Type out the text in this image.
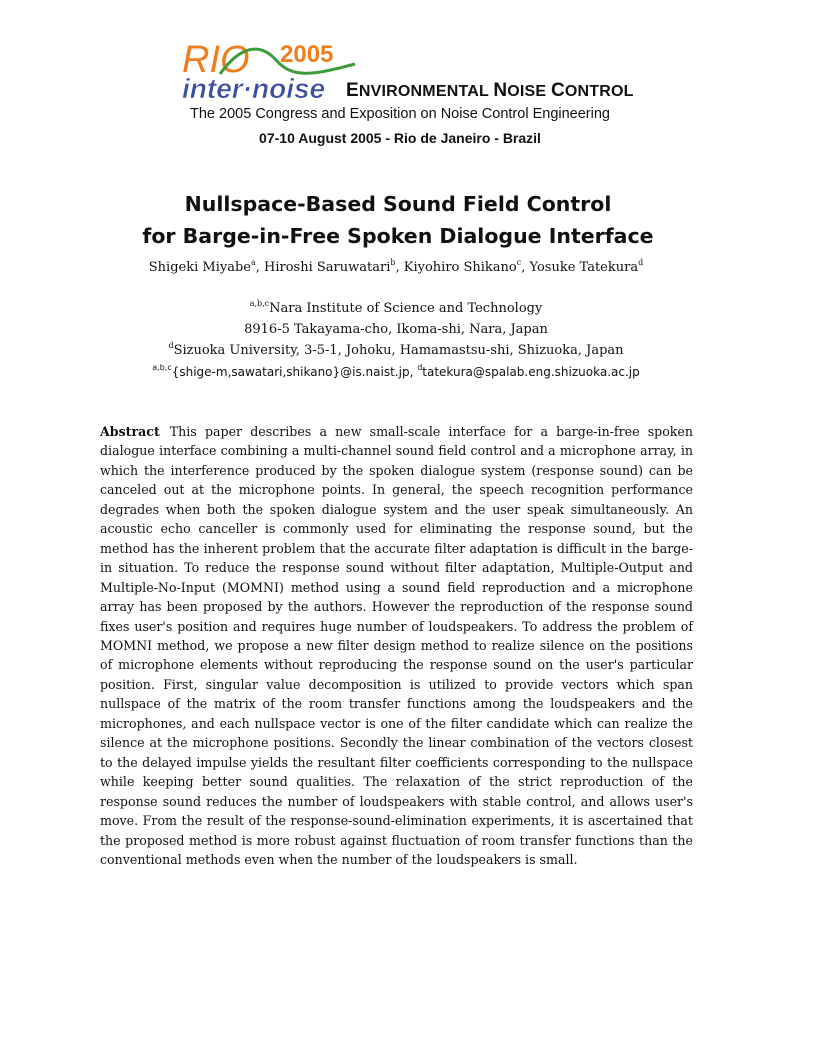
RIO 2005
inter·noise ENVIRONMENTAL NOISE CONTROL
The 2005 Congress and Exposition on Noise Control Engineering
07-10 August 2005 - Rio de Janeiro - Brazil
Nullspace-Based Sound Field Control
for Barge-in-Free Spoken Dialogue Interface
Shigeki Miyabe$^a$, Hiroshi Saruwatari$^b$, Kiyohiro Shikano$^c$, Yosuke Tatekura$^d$
$^{a,b,c}$Nara Institute of Science and Technology
8916-5 Takayama-cho, Ikoma-shi, Nara, Japan
$^d$Sizuoka University, 3-5-1, Johoku, Hamamastsu-shi, Shizuoka, Japan
$^{a,b,c}${shige-m,sawatari,shikano}@is.naist.jp, $^d$tatekura@spalab.eng.shizuoka.ac.jp
Abstract This paper describes a new small-scale interface for a barge-in-free spoken dialogue interface combining a multi-channel sound field control and a microphone array, in which the interference produced by the spoken dialogue system (response sound) can be canceled out at the microphone points. In general, the speech recognition performance degrades when both the spoken dialogue system and the user speak simultaneously. An acoustic echo canceller is commonly used for eliminating the response sound, but the method has the inherent problem that the accurate filter adaptation is difficult in the barge-in situation. To reduce the response sound without filter adaptation, Multiple-Output and Multiple-No-Input (MOMNI) method using a sound field reproduction and a microphone array has been proposed by the authors. However the reproduction of the response sound fixes user's position and requires huge number of loudspeakers. To address the problem of MOMNI method, we propose a new filter design method to realize silence on the positions of microphone elements without reproducing the response sound on the user's particular position. First, singular value decomposition is utilized to provide vectors which span nullspace of the matrix of the room transfer functions among the loudspeakers and the microphones, and each nullspace vector is one of the filter candidate which can realize the silence at the microphone positions. Secondly the linear combination of the vectors closest to the delayed impulse yields the resultant filter coefficients corresponding to the nullspace while keeping better sound qualities. The relaxation of the strict reproduction of the response sound reduces the number of loudspeakers with stable control, and allows user's move. From the result of the response-sound-elimination experiments, it is ascertained that the proposed method is more robust against fluctuation of room transfer functions than the conventional methods even when the number of the loudspeakers is small.
